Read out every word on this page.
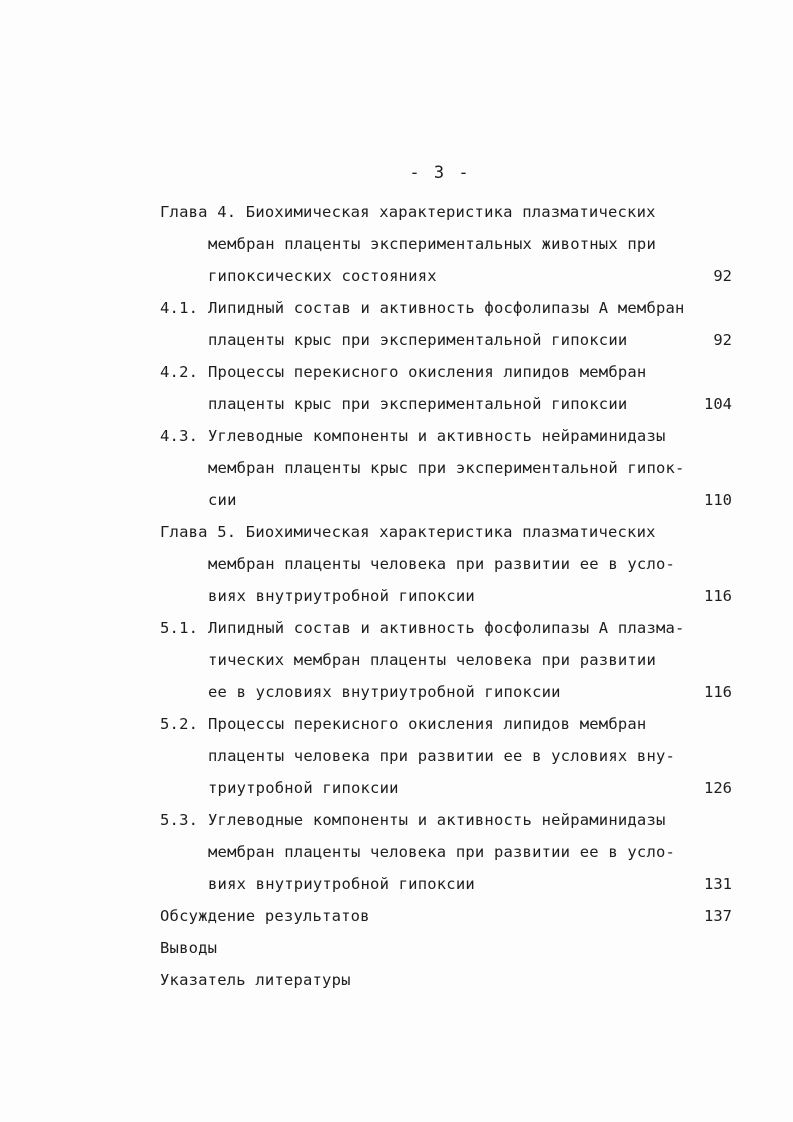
- 3 -
Глава 4. Биохимическая характеристика плазматических
мембран плаценты экспериментальных животных при
гипоксических состояниях	92
4.1. Липидный состав и активность фосфолипазы А мембран
плаценты крыс при экспериментальной гипоксии	92
4.2. Процессы перекисного окисления липидов мембран
плаценты крыс при экспериментальной гипоксии	104
4.3. Углеводные компоненты и активность нейраминидазы
мембран плаценты крыс при экспериментальной гипок-
сии	110
Глава 5. Биохимическая характеристика плазматических
мембран плаценты человека при развитии ее в усло-
виях внутриутробной гипоксии	116
5.1. Липидный состав и активность фосфолипазы А плазма-
тических мембран плаценты человека при развитии
ее в условиях внутриутробной гипоксии	116
5.2. Процессы перекисного окисления липидов мембран
плаценты человека при развитии ее в условиях вну-
триутробной гипоксии	126
5.3. Углеводные компоненты и активность нейраминидазы
мембран плаценты человека при развитии ее в усло-
виях внутриутробной гипоксии	131
Обсуждение результатов	137
Выводы
Указатель литературы
